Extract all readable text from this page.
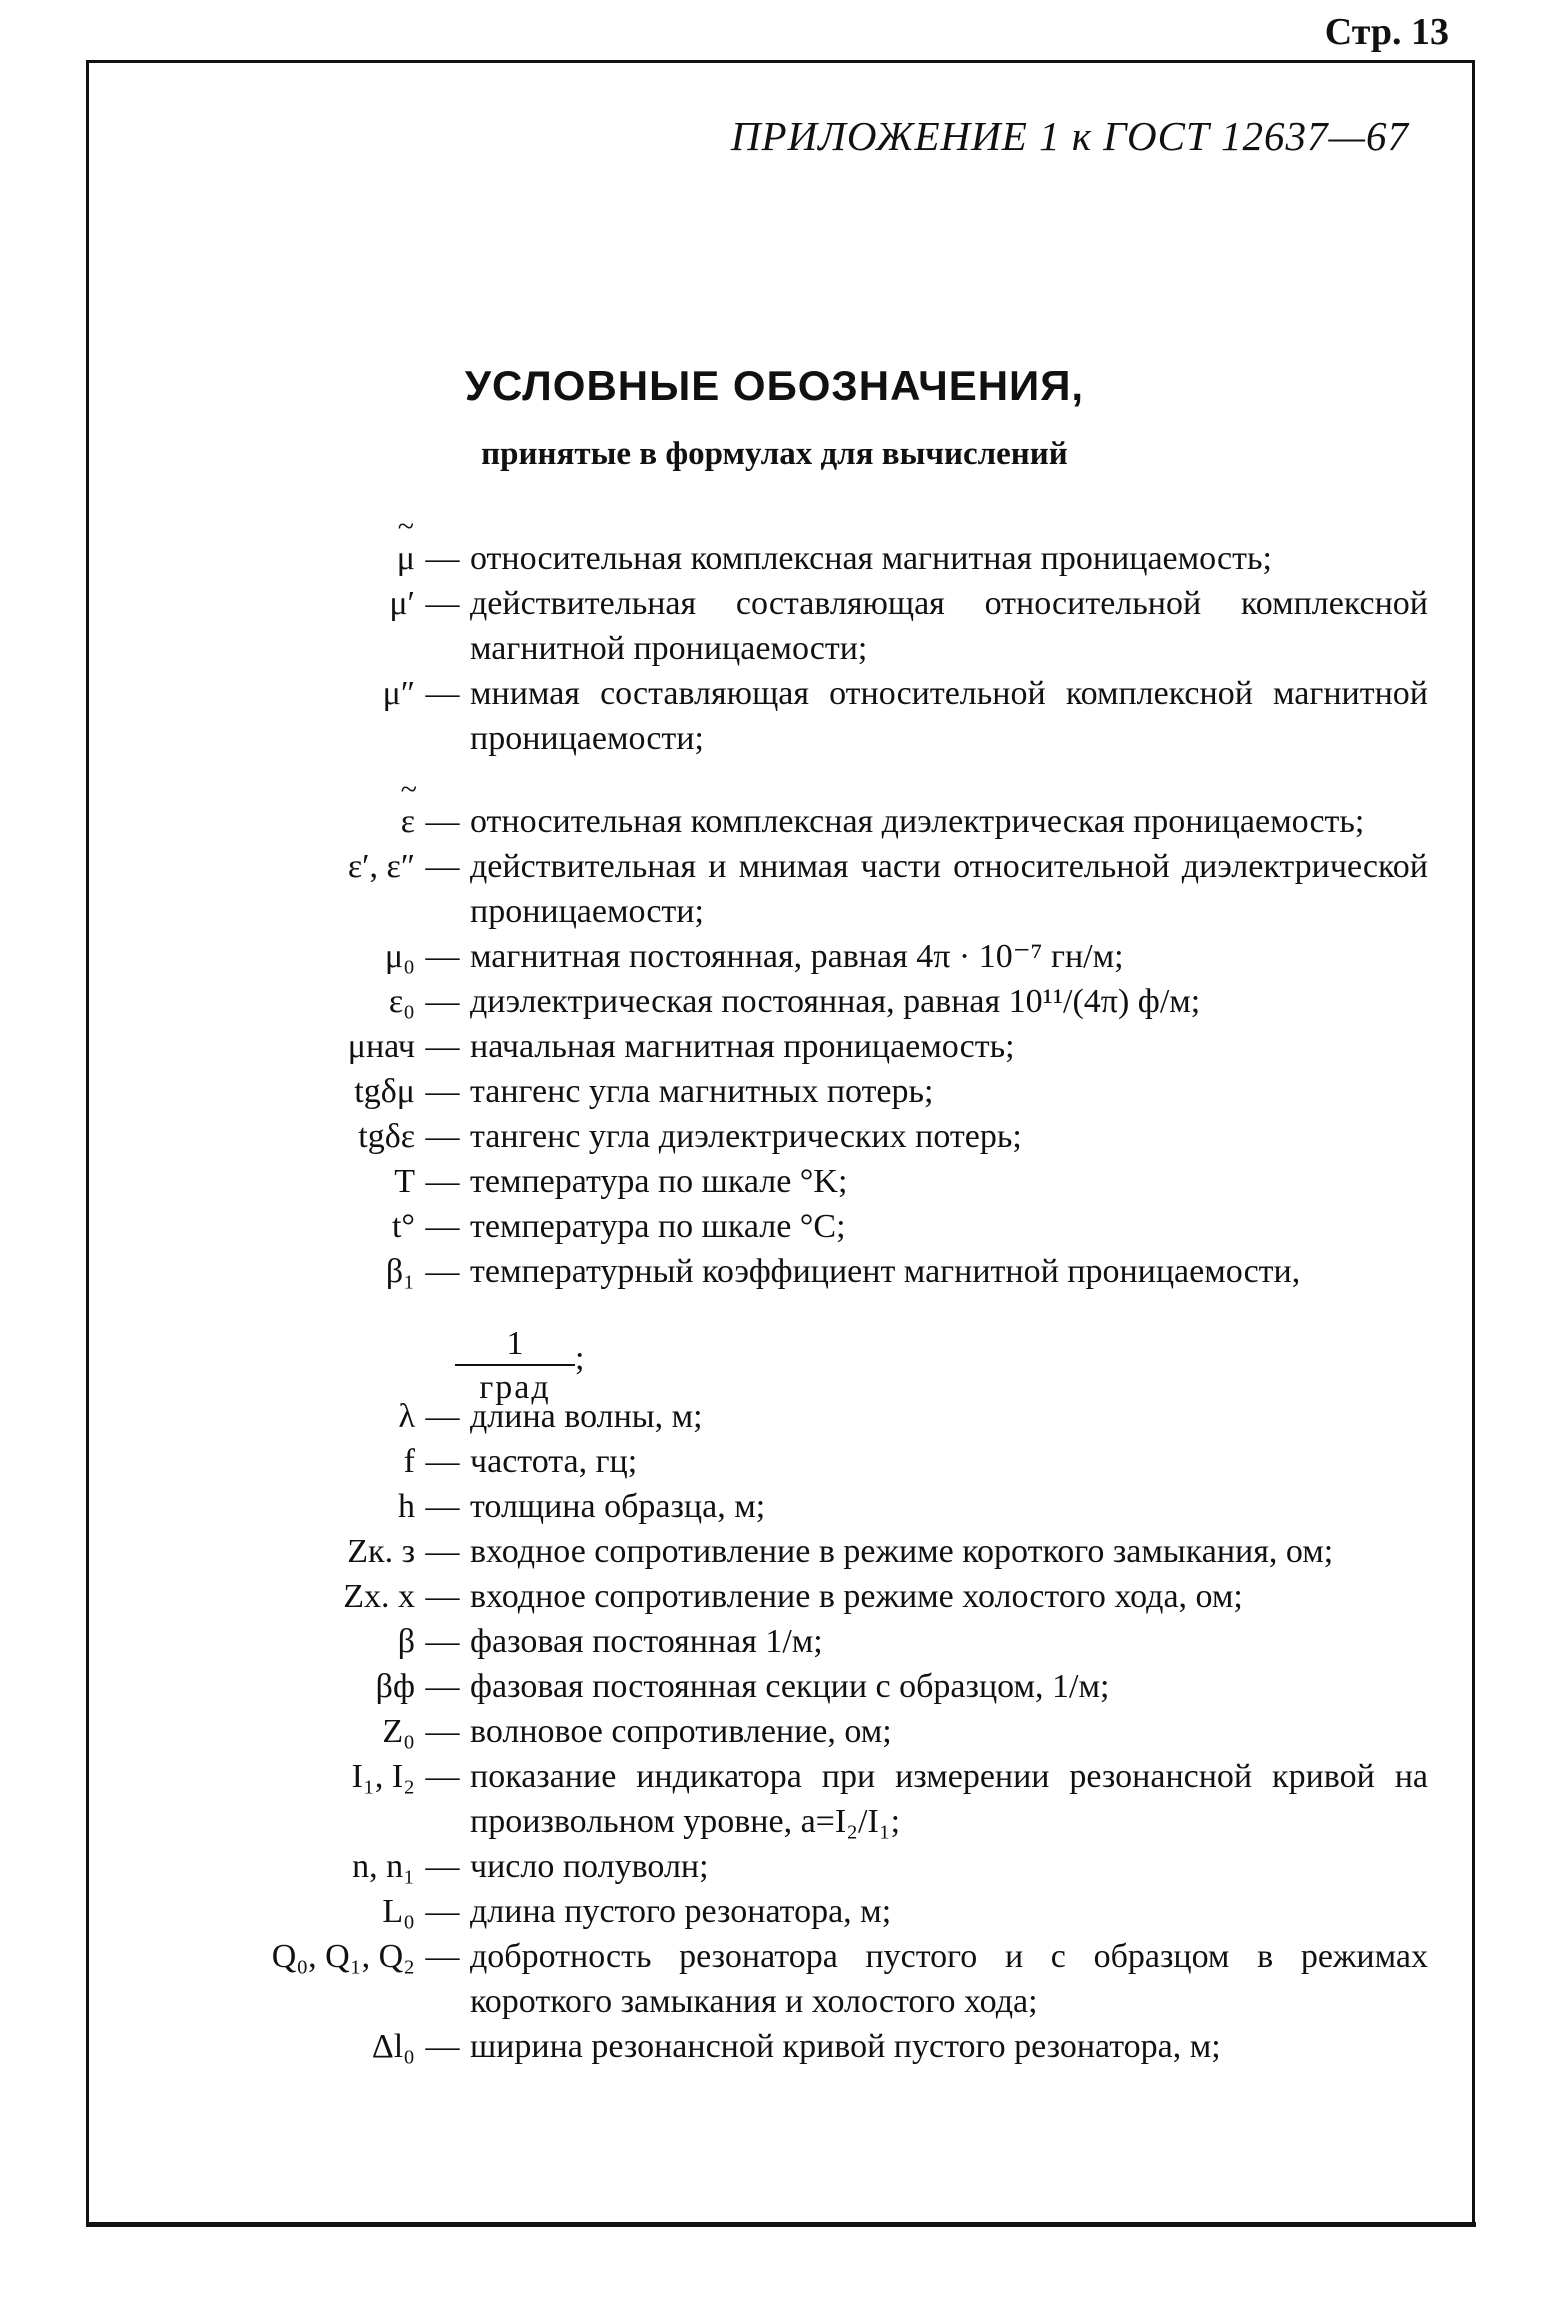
Стр. 13
ПРИЛОЖЕНИЕ 1 к ГОСТ 12637—67
УСЛОВНЫЕ ОБОЗНАЧЕНИЯ,
принятые в формулах для вычислений
~ μ — относительная комплексная магнитная проницаемость;
μ′ — действительная составляющая относительной комплексной магнитной проницаемости;
μ″ — мнимая составляющая относительной комплексной магнитной проницаемости;
~ ε — относительная комплексная диэлектрическая проницаемость;
ε′, ε″ — действительная и мнимая части относительной диэлектрической проницаемости;
μ₀ — магнитная постоянная, равная 4π · 10⁻⁷ гн/м;
ε₀ — диэлектрическая постоянная, равная 10¹¹/(4π) ф/м;
μнач — начальная магнитная проницаемость;
tgδμ — тангенс угла магнитных потерь;
tgδε — тангенс угла диэлектрических потерь;
T — температура по шкале °K;
t° — температура по шкале °C;
β₁ — температурный коэффициент магнитной проницаемости,
λ — длина волны, м;
f — частота, гц;
h — толщина образца, м;
Zк. з — входное сопротивление в режиме короткого замыкания, ом;
Zх. х — входное сопротивление в режиме холостого хода, ом;
β — фазовая постоянная 1/м;
βф — фазовая постоянная секции с образцом, 1/м;
Z₀ — волновое сопротивление, ом;
I₁, I₂ — показание индикатора при измерении резонансной кривой на произвольном уровне, a=I₂/I₁;
n, n₁ — число полуволн;
L₀ — длина пустого резонатора, м;
Q₀, Q₁, Q₂ — добротность резонатора пустого и с образцом в режимах короткого замыкания и холостого хода;
Δl₀ — ширина резонансной кривой пустого резонатора, м;
1
град
;
